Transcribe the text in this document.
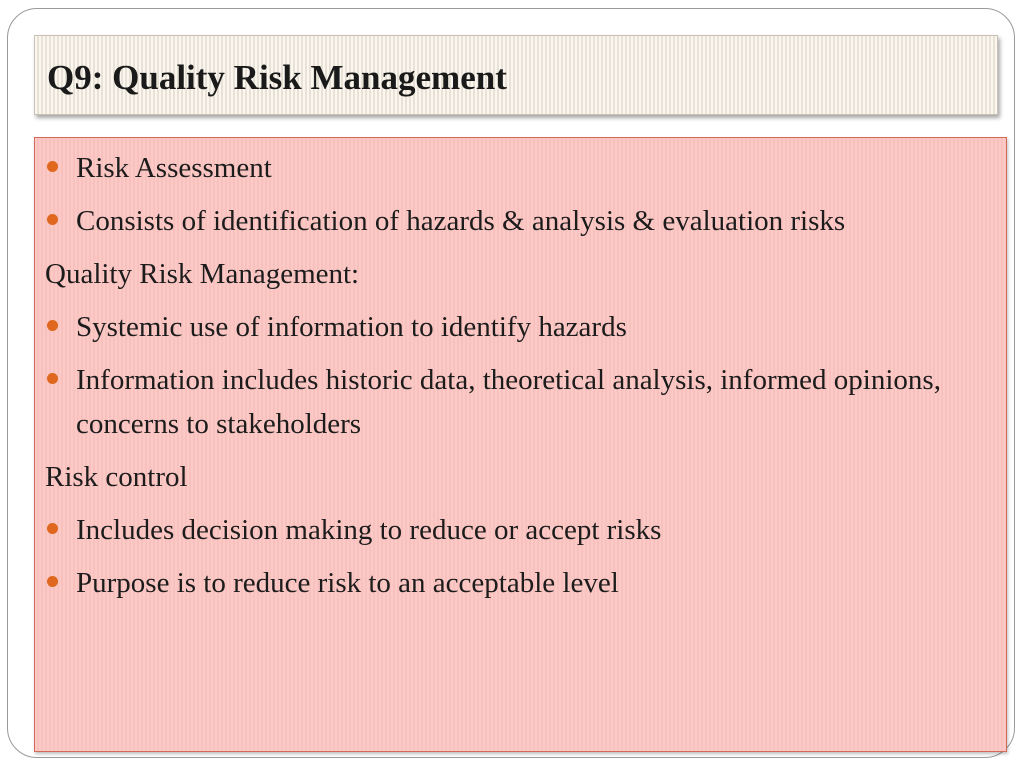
Q9: Quality Risk Management
Risk Assessment
Consists of identification of hazards & analysis & evaluation risks
Quality Risk Management:
Systemic use of information to identify hazards
Information includes historic data, theoretical analysis, informed opinions, concerns to stakeholders
Risk control
Includes decision making to reduce or accept risks
Purpose is to reduce risk to an acceptable level
